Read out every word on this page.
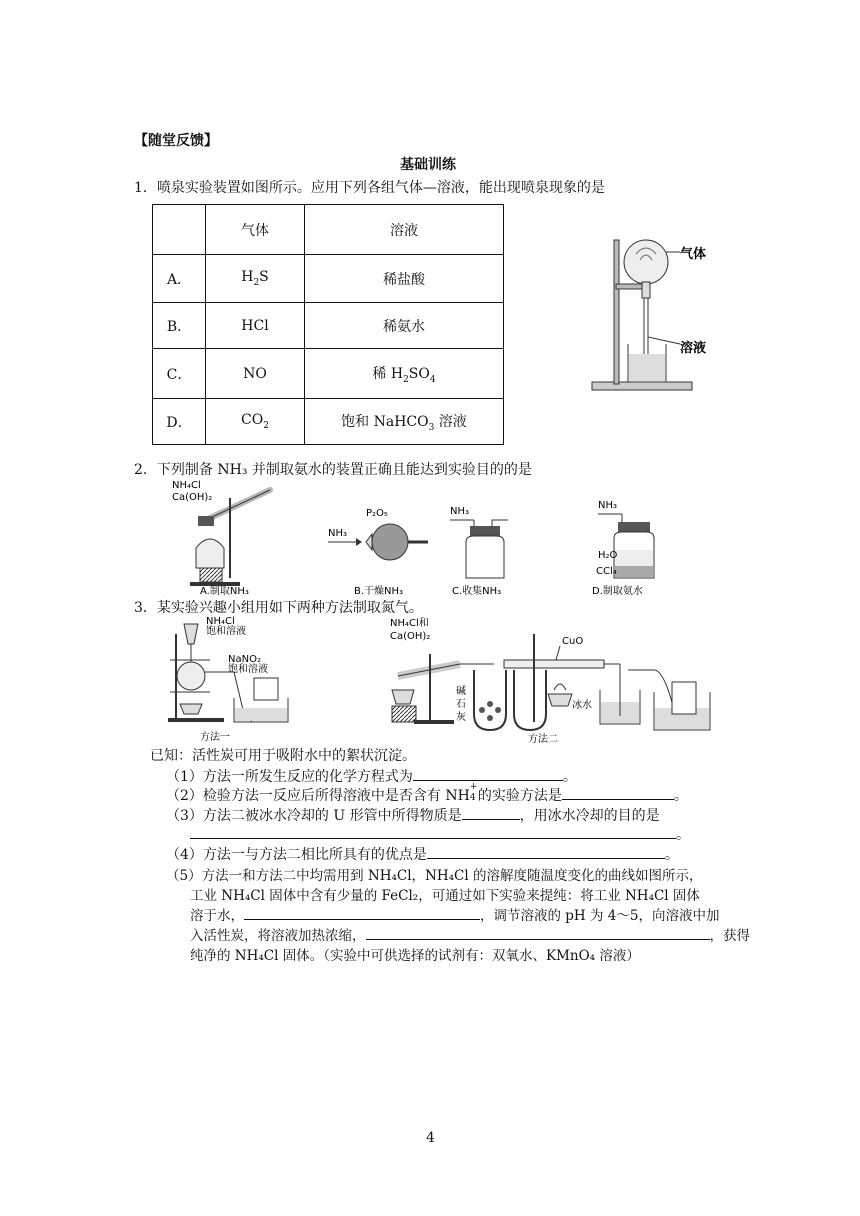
【随堂反馈】
基础训练
1．喷泉实验装置如图所示。应用下列各组气体—溶液，能出现喷泉现象的是
	气体	溶液
A．	$H_2S$	稀盐酸
B．	HCl	稀氨水
C．	NO	稀 $H_2SO_4$
D．	$CO_2$	饱和 NaHCO$_3$ 溶液
气体
溶液
2．下列制备 NH₃ 并制取氨水的装置正确且能达到实验目的的是
NH₄Cl
Ca(OH)₂
A.制取NH₃
P₂O₅
NH₃
B.干燥NH₃
NH₃
C.收集NH₃
NH₃
H₂O
CCl₄
D.制取氨水
3．某实验兴趣小组用如下两种方法制取氮气。
NH₄Cl
饱和溶液
NaNO₂
饱和溶液
方法一
NH₄Cl和
Ca(OH)₂
碱
石
灰
CuO
冰水
方法二
已知：活性炭可用于吸附水中的絮状沉淀。
（1）方法一所发生反应的化学方程式为	。
（2）检验方法一反应后所得溶液中是否含有 NH
+
4 的实验方法是	。
（3）方法二被冰水冷却的 U 形管中所得物质是	，用冰水冷却的目的是
。
（4）方法一与方法二相比所具有的优点是	。
（5）方法一和方法二中均需用到 NH₄Cl，NH₄Cl 的溶解度随温度变化的曲线如图所示，
工业 NH₄Cl 固体中含有少量的 FeCl₂，可通过如下实验来提纯：将工业 NH₄Cl 固体
溶于水，	，调节溶液的 pH 为 4～5，向溶液中加
入活性炭，将溶液加热浓缩，	，获得
纯净的 NH₄Cl 固体。（实验中可供选择的试剂有：双氧水、KMnO₄ 溶液）
4
